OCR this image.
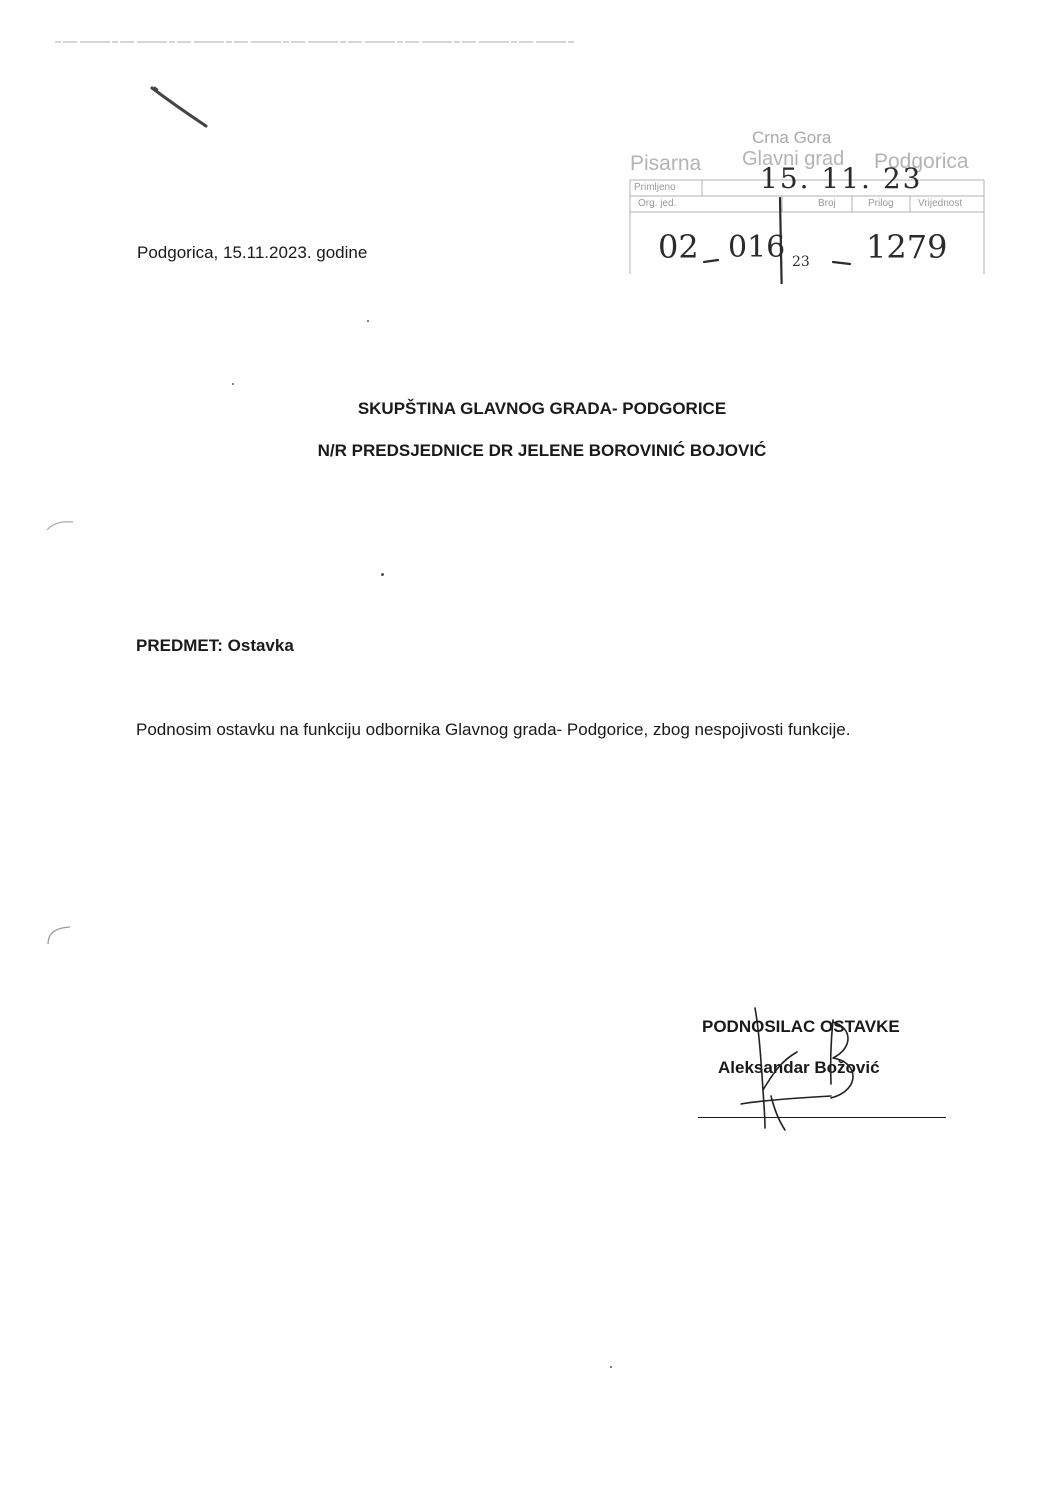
Crna Gora
Pisarna Glavni grad Podgorica
Primljeno
Org. jed.	Broj	Prilog Vrijednost
15. 11. 23
02 016 23 1279
Podgorica, 15.11.2023. godine
SKUPŠTINA GLAVNOG GRADA- PODGORICE
N/R PREDSJEDNICE DR JELENE BOROVINIĆ BOJOVIĆ
PREDMET: Ostavka
Podnosim ostavku na funkciju odbornika Glavnog grada- Podgorice, zbog nespojivosti funkcije.
PODNOSILAC OSTAVKE
Aleksandar Božović
